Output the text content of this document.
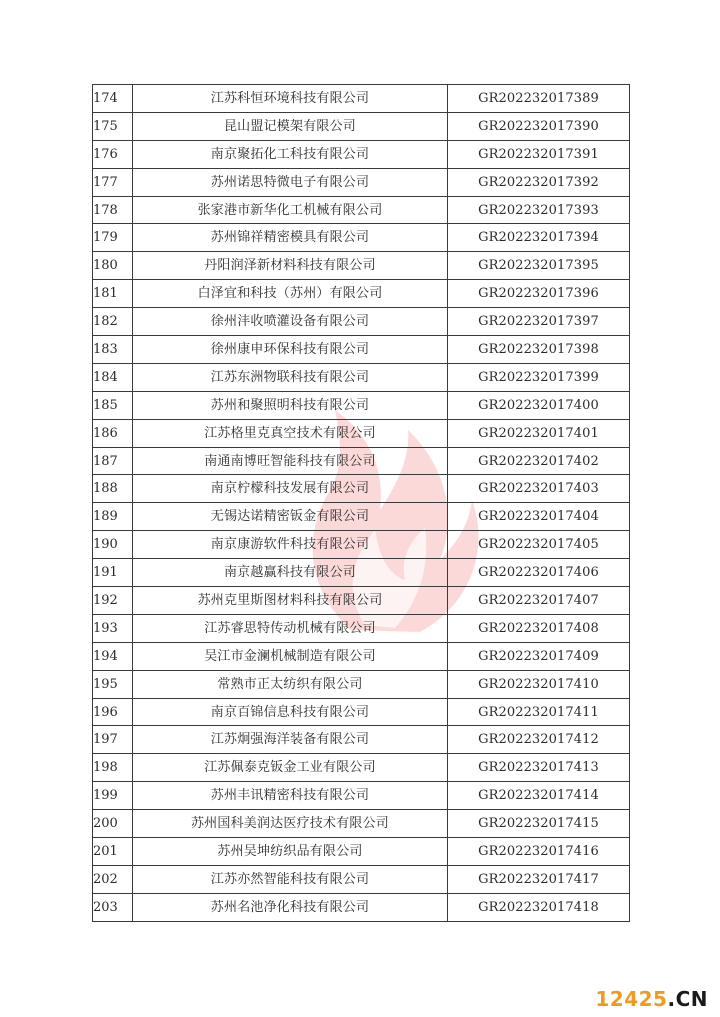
174	江苏科恒环境科技有限公司	GR202232017389
175	昆山盟记模架有限公司	GR202232017390
176	南京聚拓化工科技有限公司	GR202232017391
177	苏州诺思特微电子有限公司	GR202232017392
178	张家港市新华化工机械有限公司	GR202232017393
179	苏州锦祥精密模具有限公司	GR202232017394
180	丹阳润泽新材料科技有限公司	GR202232017395
181	白泽宜和科技（苏州）有限公司	GR202232017396
182	徐州沣收喷灌设备有限公司	GR202232017397
183	徐州康申环保科技有限公司	GR202232017398
184	江苏东洲物联科技有限公司	GR202232017399
185	苏州和聚照明科技有限公司	GR202232017400
186	江苏格里克真空技术有限公司	GR202232017401
187	南通南博旺智能科技有限公司	GR202232017402
188	南京柠檬科技发展有限公司	GR202232017403
189	无锡达诺精密钣金有限公司	GR202232017404
190	南京康游软件科技有限公司	GR202232017405
191	南京越赢科技有限公司	GR202232017406
192	苏州克里斯图材料科技有限公司	GR202232017407
193	江苏睿思特传动机械有限公司	GR202232017408
194	吴江市金澜机械制造有限公司	GR202232017409
195	常熟市正太纺织有限公司	GR202232017410
196	南京百锦信息科技有限公司	GR202232017411
197	江苏炯强海洋装备有限公司	GR202232017412
198	江苏佩泰克钣金工业有限公司	GR202232017413
199	苏州丰讯精密科技有限公司	GR202232017414
200	苏州国科美润达医疗技术有限公司	GR202232017415
201	苏州吴坤纺织品有限公司	GR202232017416
202	江苏亦然智能科技有限公司	GR202232017417
203	苏州名池净化科技有限公司	GR202232017418
12425.CN
